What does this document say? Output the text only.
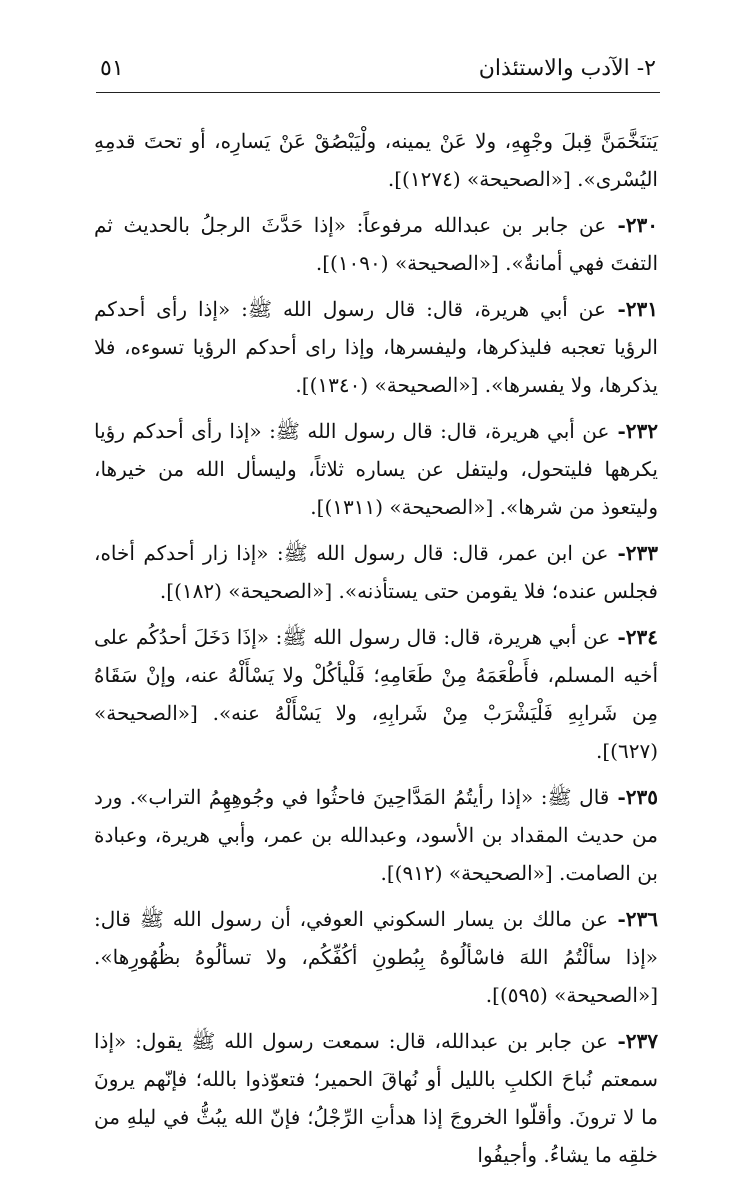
٥١	٢- الآدب والاستئذان

يَتنَخَّمَنَّ قِبلَ وجْهِهِ، ولا عَنْ يمينه، ولْيَبْصُقْ عَنْ يَسارِه، أو تحتَ قدمِهِ اليُسْرى». [«الصحيحة» (١٢٧٤)].

٢٣٠- عن جابر بن عبدالله مرفوعاً: «إذا حَدَّثَ الرجلُ بالحديث ثم التفتَ فهي أمانةٌ». [«الصحيحة» (١٠٩٠)].

٢٣١- عن أبي هريرة، قال: قال رسول الله ﷺ: «إذا رأى أحدكم الرؤيا تعجبه فليذكرها، وليفسرها، وإذا راى أحدكم الرؤيا تسوءه، فلا يذكرها، ولا يفسرها». [«الصحيحة» (١٣٤٠)].

٢٣٢- عن أبي هريرة، قال: قال رسول الله ﷺ: «إذا رأى أحدكم رؤيا يكرهها فليتحول، وليتفل عن يساره ثلاثاً، وليسأل الله من خيرها، وليتعوذ من شرها». [«الصحيحة» (١٣١١)].

٢٣٣- عن ابن عمر، قال: قال رسول الله ﷺ: «إذا زار أحدكم أخاه، فجلس عنده؛ فلا يقومن حتى يستأذنه». [«الصحيحة» (١٨٢)].

٢٣٤- عن أبي هريرة، قال: قال رسول الله ﷺ: «إذَا دَخَلَ أحدُكُم على أخيه المسلم، فأَطْعَمَهُ مِنْ طَعَامِهِ؛ فَلْيأكُلْ ولا يَسْأَلْهُ عنه، وإنْ سَقَاهُ مِن شَرابِهِ فَلْيَشْرَبْ مِنْ شَرابِهِ، ولا يَسْأَلْهُ عنه». [«الصحيحة» (٦٢٧)].

٢٣٥- قال ﷺ: «إذا رأيتُمُ المَدَّاحِينَ فاحثُوا في وجُوهِهِمُ التراب». ورد من حديث المقداد بن الأسود، وعبدالله بن عمر، وأبي هريرة، وعبادة بن الصامت. [«الصحيحة» (٩١٢)].

٢٣٦- عن مالك بن يسار السكوني العوفي، أن رسول الله ﷺ قال: «إذا سألْتُمُ اللهَ فاسْألُوهُ بِبُطونِ أكُفِّكُم، ولا تسألُوهُ بظُهُورِها». [«الصحيحة» (٥٩٥)].

٢٣٧- عن جابر بن عبدالله، قال: سمعت رسول الله ﷺ يقول: «إذا سمعتم نُباحَ الكلبِ بالليل أو نُهاقَ الحمير؛ فتعوّذوا بالله؛ فإنّهم يرونَ ما لا ترونَ. وأقلّوا الخروجَ إذا هدأتِ الرِّجْلُ؛ فإنّ الله يبُثُّ في ليلهِ من خلقِه ما يشاءُ. وأجيفُوا
